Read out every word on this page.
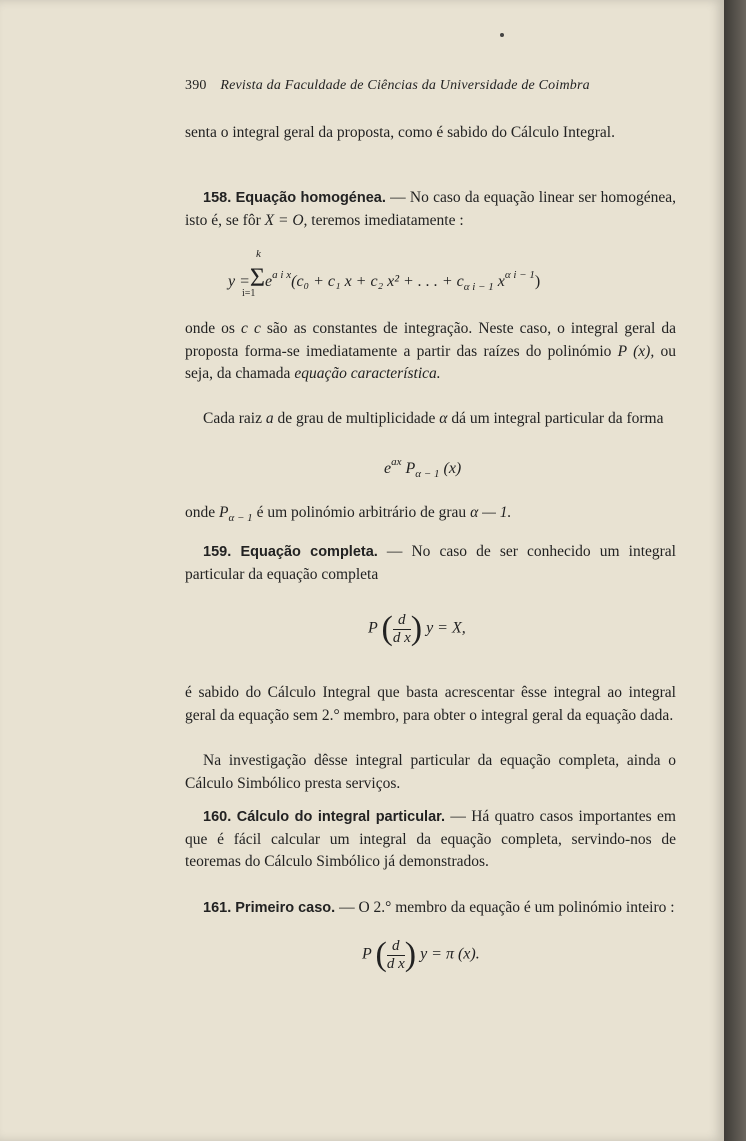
390 Revista da Faculdade de Ciências da Universidade de Coimbra
senta o integral geral da proposta, como é sabido do Cálculo Integral.
158. Equação homogénea. — No caso da equação linear ser homogénea, isto é, se fôr X = O, teremos imediatamente :
k
i=1
$y =\Sigma e^{a i x}(c_0 + c_1$ x + c₂ x² + . . . + $c_{\alpha i - 1}$ $x^{\alpha i - 1}$)
onde os c c são as constantes de integração. Neste caso, o integral geral da proposta forma-se imediatamente a partir das raízes do polinómio P (x), ou seja, da chamada equação característica.
Cada raiz a de grau de multiplicidade α dá um integral particular da forma
$e^{ax}$ $P_{\alpha - 1}$ (x)
onde $P_{\alpha - 1}$ é um polinómio arbitrário de grau α — 1.
159. Equação completa. — No caso de ser conhecido um integral particular da equação completa
P ( $\frac{d}{\text{d x}}$ ) y = X,
é sabido do Cálculo Integral que basta acrescentar êsse integral ao integral geral da equação sem 2.° membro, para obter o integral geral da equação dada.
Na investigação dêsse integral particular da equação completa, ainda o Cálculo Simbólico presta serviços.
160. Cálculo do integral particular. — Há quatro casos importantes em que é fácil calcular um integral da equação completa, servindo-nos de teoremas do Cálculo Simbólico já demonstrados.
161. Primeiro caso. — O 2.° membro da equação é um polinómio inteiro :
P ( $\frac{d}{\text{d x}}$ ) y = π (x).
